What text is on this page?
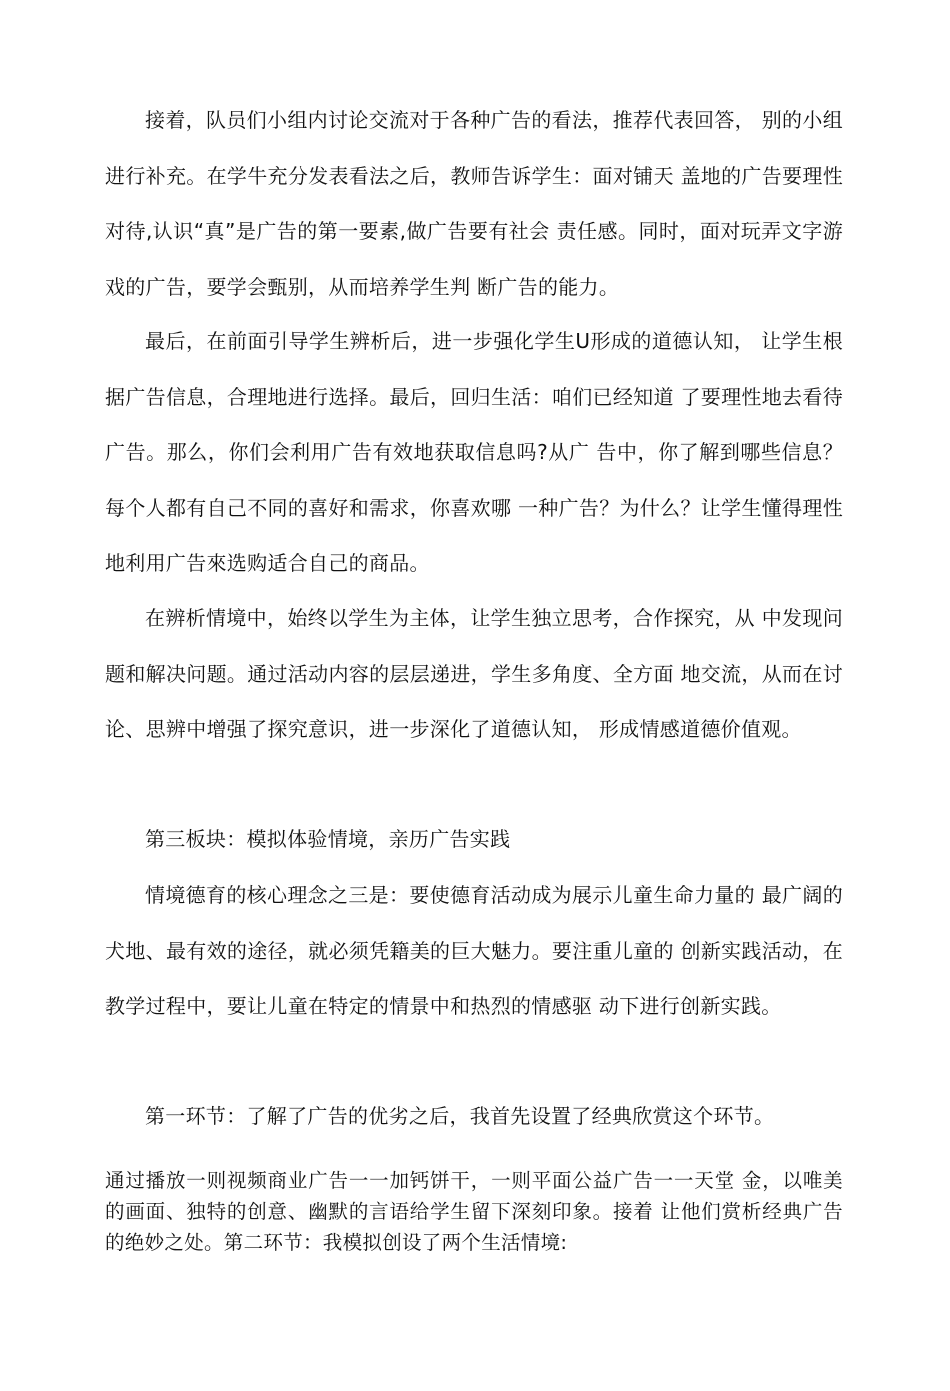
接着，队员们小组内讨论交流对于各种广告的看法，推荐代表回答， 别的小组进行补充。在学牛充分发表看法之后，教师告诉学生：面对铺天 盖地的广告要理性对待,认识“真”是广告的第一要素,做广告要有社会 责任感。同时，面对玩弄文字游戏的广告，要学会甄别，从而培养学生判 断广告的能力。

最后，在前面引导学生辨析后，进一步强化学生U形成的道德认知， 让学生根据广告信息，合理地进行选择。最后，回归生活：咱们已经知道 了要理性地去看待广告。那么，你们会利用广告有效地获取信息吗?从广 告中，你了解到哪些信息？每个人都有自己不同的喜好和需求，你喜欢哪 一种广告？为什么？让学生懂得理性地利用广告來选购适合自己的商品。

在辨析情境中，始终以学生为主体，让学生独立思考，合作探究，从 中发现问题和解决问题。通过活动内容的层层递进，学生多角度、全方面 地交流，从而在讨论、思辨中增强了探究意识，进一步深化了道德认知， 形成情感道德价值观。

第三板块：模拟体验情境，亲历广告实践

情境德育的核心理念之三是：要使德育活动成为展示儿童生命力量的 最广阔的犬地、最有效的途径，就必须凭籍美的巨大魅力。要注重儿童的 创新实践活动，在教学过程中，要让儿童在特定的情景中和热烈的情感驱 动下进行创新实践。

第一环节：了解了广告的优劣之后，我首先设置了经典欣赏这个环节。

通过播放一则视频商业广告一一加钙饼干，一则平面公益广告一一天堂 金，以唯美的画面、独特的创意、幽默的言语给学生留下深刻印象。接着 让他们赏析经典广告的绝妙之处。第二环节：我模拟创设了两个生活情境:
